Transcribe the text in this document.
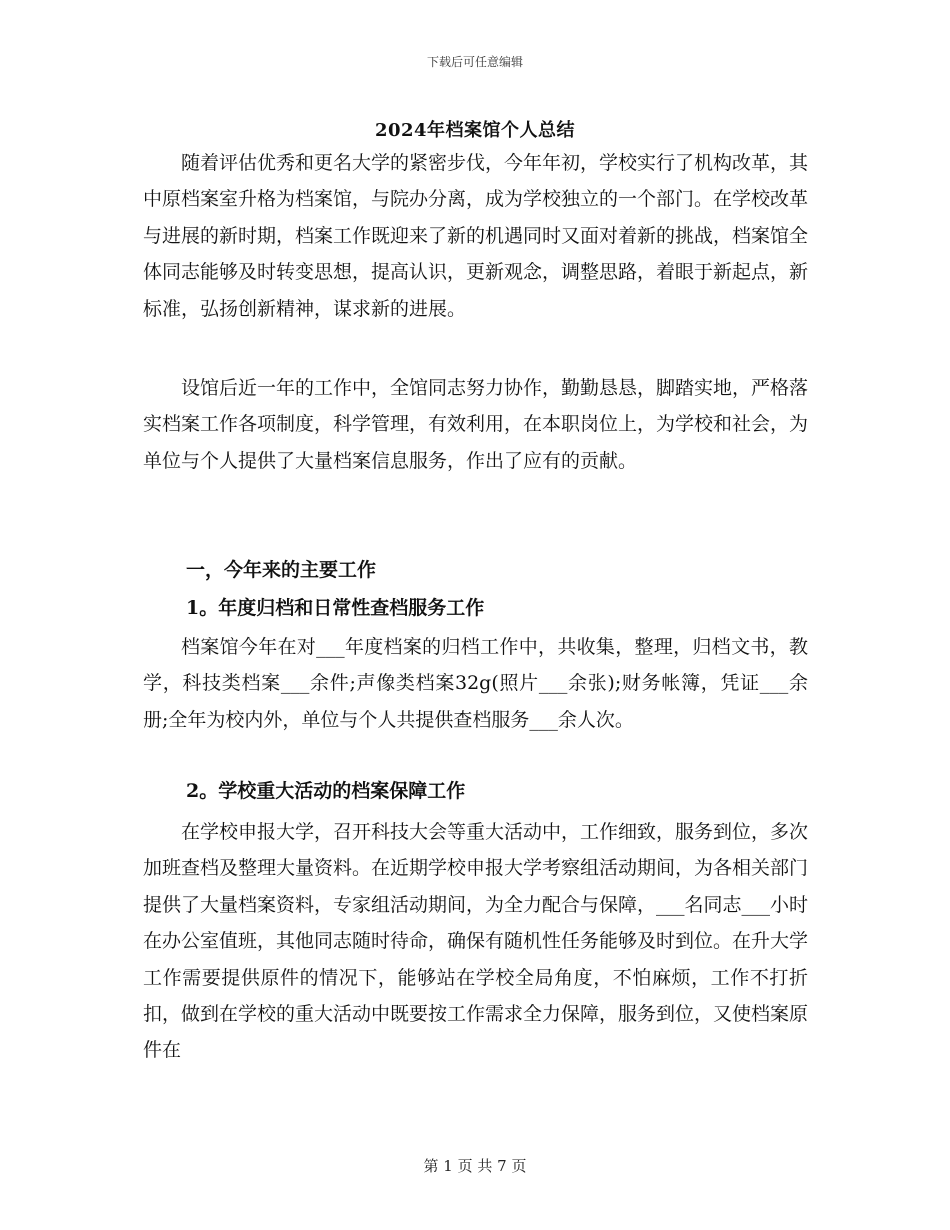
下载后可任意编辑
2024年档案馆个人总结

随着评估优秀和更名大学的紧密步伐，今年年初，学校实行了机构改革，其中原档案室升格为档案馆，与院办分离，成为学校独立的一个部门。在学校改革与进展的新时期，档案工作既迎来了新的机遇同时又面对着新的挑战，档案馆全体同志能够及时转变思想，提高认识，更新观念，调整思路，着眼于新起点，新标准，弘扬创新精神，谋求新的进展。

设馆后近一年的工作中，全馆同志努力协作，勤勤恳恳，脚踏实地，严格落实档案工作各项制度，科学管理，有效利用，在本职岗位上，为学校和社会，为单位与个人提供了大量档案信息服务，作出了应有的贡献。

一，今年来的主要工作
1。年度归档和日常性查档服务工作

档案馆今年在对___年度档案的归档工作中，共收集，整理，归档文书，教学，科技类档案___余件;声像类档案32g(照片___余张);财务帐簿，凭证___余册;全年为校内外，单位与个人共提供查档服务___余人次。

2。学校重大活动的档案保障工作

在学校申报大学，召开科技大会等重大活动中，工作细致，服务到位，多次加班查档及整理大量资料。在近期学校申报大学考察组活动期间，为各相关部门提供了大量档案资料，专家组活动期间，为全力配合与保障，___名同志___小时在办公室值班，其他同志随时待命，确保有随机性任务能够及时到位。在升大学工作需要提供原件的情况下，能够站在学校全局角度，不怕麻烦，工作不打折扣，做到在学校的重大活动中既要按工作需求全力保障，服务到位，又使档案原件在

第 1 页 共 7 页
